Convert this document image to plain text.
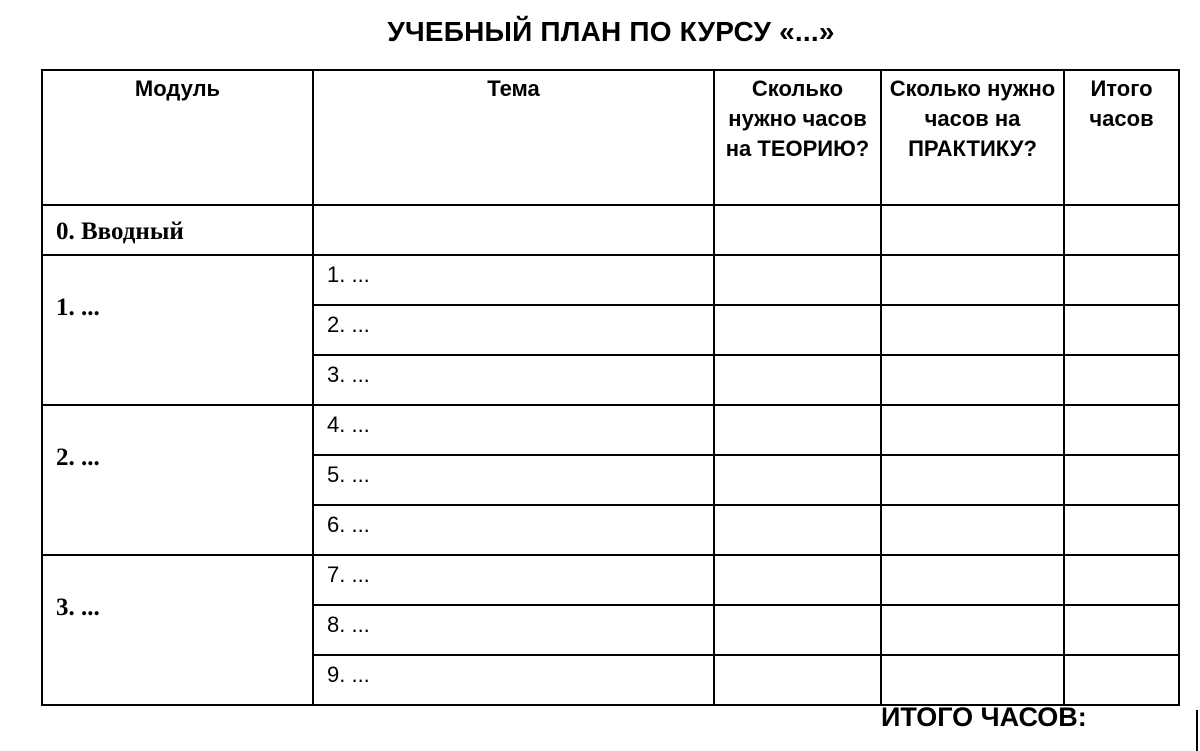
УЧЕБНЫЙ ПЛАН ПО КУРСУ «...»
Модуль	Тема	Сколько нужно часов на ТЕОРИЮ?	Сколько нужно часов на ПРАКТИКУ?	Итого часов
0. Вводный				

1. ...	1. ...			
	2. ...			
	3. ...			

2. ...	4. ...			
	5. ...			
	6. ...			

3. ...	7. ...			
	8. ...			
	9. ...			
ИТОГО ЧАСОВ:
